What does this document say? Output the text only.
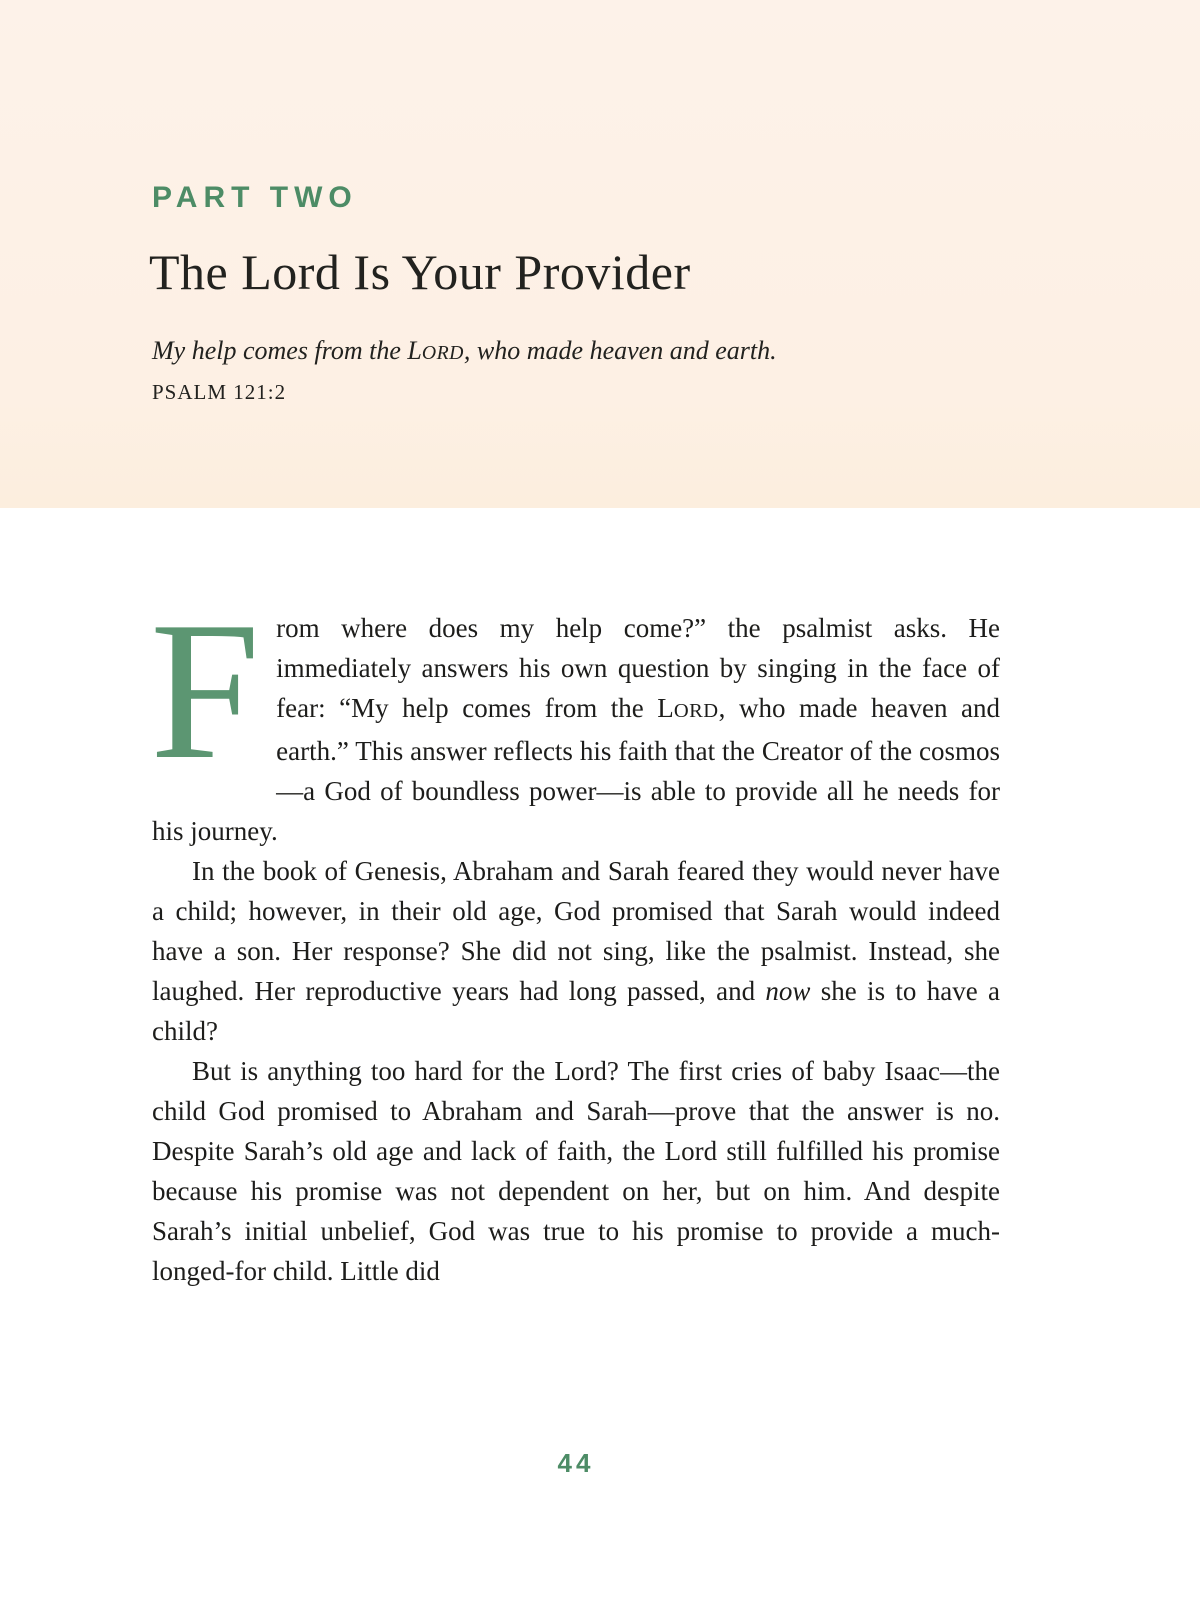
PART TWO
The Lord Is Your Provider

My help comes from the LORD, who made heaven and earth.

PSALM 121:2

From where does my help come?” the psalmist asks. He immediately answers his own question by singing in the face of fear: “My help comes from the LORD, who made heaven and earth.” This answer reflects his faith that the Creator of the cosmos—a God of boundless power—is able to provide all he needs for his journey.

In the book of Genesis, Abraham and Sarah feared they would never have a child; however, in their old age, God promised that Sarah would indeed have a son. Her response? She did not sing, like the psalmist. Instead, she laughed. Her reproductive years had long passed, and now she is to have a child?

But is anything too hard for the Lord? The first cries of baby Isaac—the child God promised to Abraham and Sarah—prove that the answer is no. Despite Sarah’s old age and lack of faith, the Lord still fulfilled his promise because his promise was not dependent on her, but on him. And despite Sarah’s initial unbelief, God was true to his promise to provide a much-longed-for child. Little did

44
